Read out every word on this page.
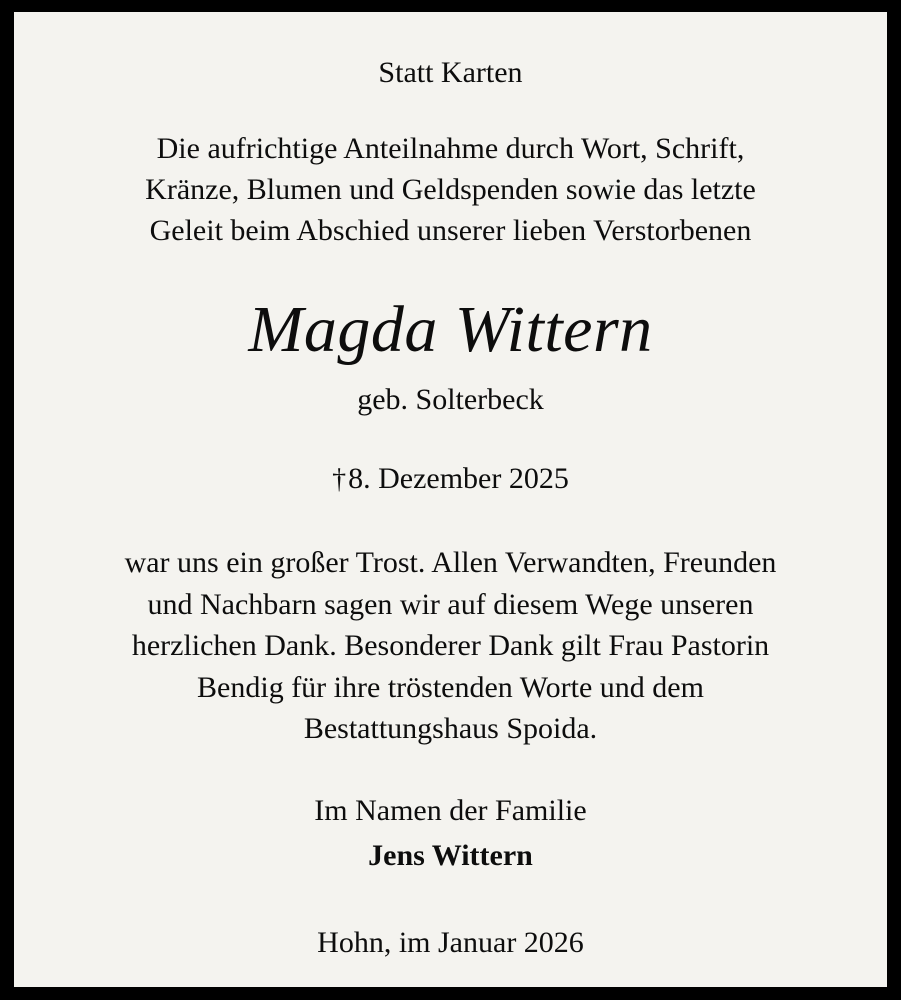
Statt Karten
Die aufrichtige Anteilnahme durch Wort, Schrift,
Kränze, Blumen und Geldspenden sowie das letzte
Geleit beim Abschied unserer lieben Verstorbenen
Magda Wittern
geb. Solterbeck
†8. Dezember 2025
war uns ein großer Trost. Allen Verwandten, Freunden
und Nachbarn sagen wir auf diesem Wege unseren
herzlichen Dank. Besonderer Dank gilt Frau Pastorin
Bendig für ihre tröstenden Worte und dem
Bestattungshaus Spoida.
Im Namen der Familie
Jens Wittern
Hohn, im Januar 2026
